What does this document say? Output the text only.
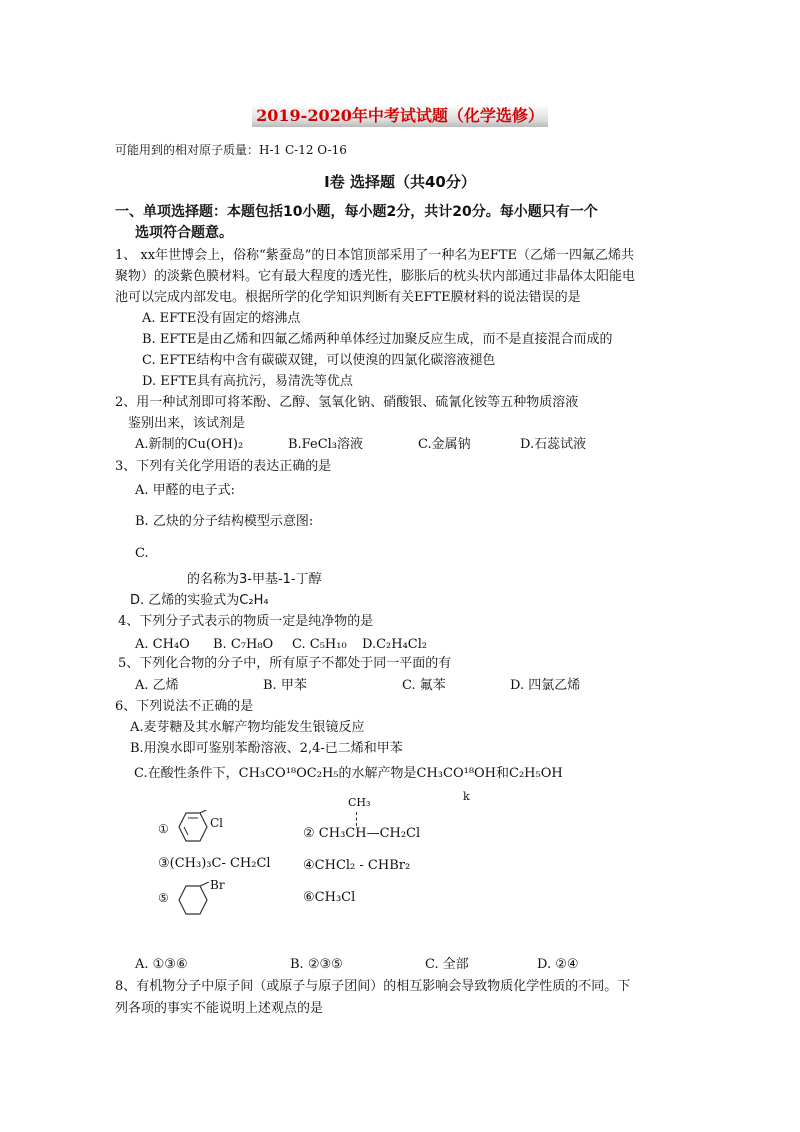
2019-2020年中考试试题（化学选修）
可能用到的相对原子质量：H-1 C-12 O-16
Ⅰ卷 选择题（共40分）
一、单项选择题：本题包括10小题，每小题2分，共计20分。每小题只有一个
选项符合题意。
1、 xx年世博会上，俗称“紫蚕岛”的日本馆顶部采用了一种名为EFTE（乙烯一四氟乙烯共
聚物）的淡紫色膜材料。它有最大程度的透光性，膨胀后的枕头状内部通过非晶体太阳能电
池可以完成内部发电。根据所学的化学知识判断有关EFTE膜材料的说法错误的是
A. EFTE没有固定的熔沸点
B. EFTE是由乙烯和四氟乙烯两种单体经过加聚反应生成，而不是直接混合而成的
C. EFTE结构中含有碳碳双键，可以使溴的四氯化碳溶液褪色
D. EFTE具有高抗污，易清洗等优点
2、用一种试剂即可将苯酚、乙醇、氢氧化钠、硝酸银、硫氰化铵等五种物质溶液
鉴别出来，该试剂是
A.新制的Cu(OH)₂	B.FeCl₃溶液	C.金属钠	D.石蕊试液
3、下列有关化学用语的表达正确的是
A. 甲醛的电子式:
B. 乙炔的分子结构模型示意图:
C.
的名称为3-甲基-1-丁醇
D. 乙烯的实验式为C₂H₄
4、下列分子式表示的物质一定是纯净物的是
A. CH₄O B. C₇H₈O C. C₅H₁₀ D.C₂H₄Cl₂
5、下列化合物的分子中，所有原子不都处于同一平面的有
A. 乙烯	B. 甲苯	C. 氟苯	D. 四氯乙烯
6、下列说法不正确的是
A.麦芽糖及其水解产物均能发生银镜反应
B.用溴水即可鉴别苯酚溶液、2,4-已二烯和甲苯
C.在酸性条件下，CH₃CO¹⁸OC₂H₅的水解产物是CH₃CO¹⁸OH和C₂H₅OH
①	Cl
CH₃
② CH₃CH—CH₂Cl
k
③(CH₃)₃C- CH₂Cl ④CHCl₂ - CHBr₂
⑤
Br
⑥CH₃Cl
A. ①③⑥	B. ②③⑤	C. 全部	D. ②④
8、有机物分子中原子间（或原子与原子团间）的相互影响会导致物质化学性质的不同。下
列各项的事实不能说明上述观点的是
